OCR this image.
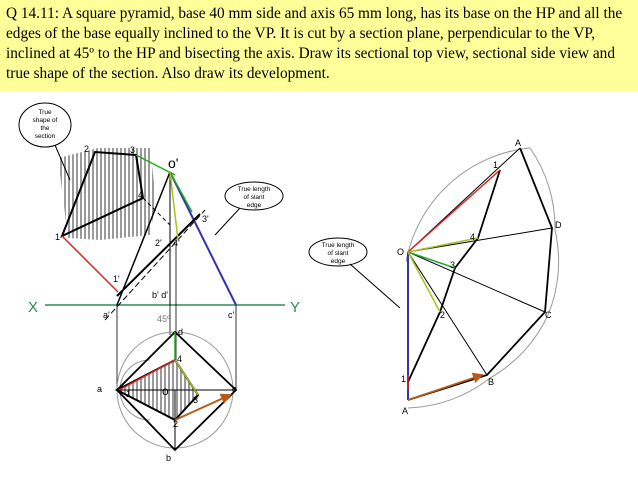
Q 14.11: A square pyramid, base 40 mm side and axis 65 mm long, has its base on the HP and all the edges of the base equally inclined to the VP. It is cut by a section plane, perpendicular to the VP, inclined at 45º to the HP and bisecting the axis. Draw its sectional top view, sectional side view and true shape of the section. Also draw its development.
2	3
4
1
True
shape of
the
section
X	Y
o'
b' d'
a'	c'
45º
1'
2' 4'
3'
True length
of slant
edge
a
b
c
d
o
1
2
3
4
O
A
D
C
B
A
1
4
3
2
1
True length
of slant
edge
